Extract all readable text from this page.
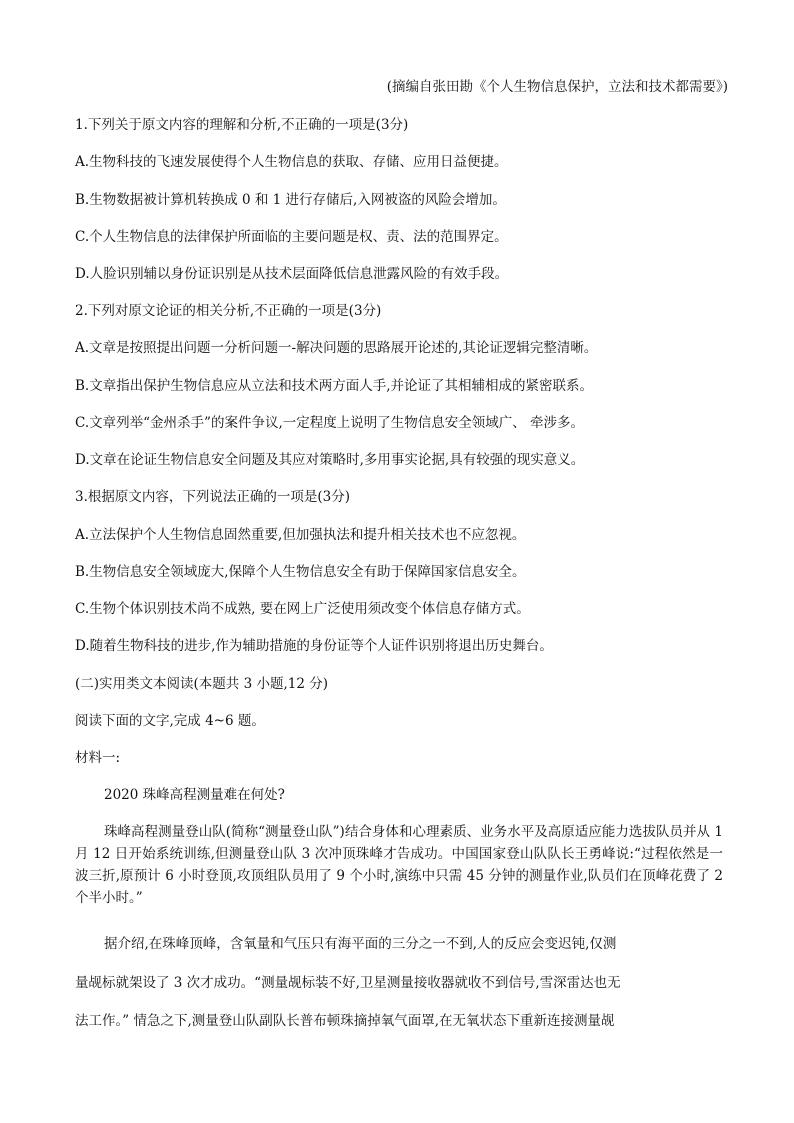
(摘编自张田勘《个人生物信息保护，立法和技术都需要》)
1.下列关于原文内容的理解和分析,不正确的一项是(3分)
A.生物科技的飞速发展使得个人生物信息的获取、存储、应用日益便捷。
B.生物数据被计算机转换成 0 和 1 进行存储后,入网被盗的风险会增加。
C.个人生物信息的法律保护所面临的主要问题是权、责、法的范围界定。
D.人脸识别辅以身份证识别是从技术层面降低信息泄露风险的有效手段。
2.下列对原文论证的相关分析,不正确的一项是(3分)
A.文章是按照提出问题一分析问题一-解决问题的思路展开论述的,其论证逻辑完整清晰。
B.文章指出保护生物信息应从立法和技术两方面人手,并论证了其相辅相成的紧密联系。
C.文章列举“金州杀手”的案件争议,一定程度上说明了生物信息安全领域广、 牵涉多。
D.文章在论证生物信息安全问题及其应对策略时,多用事实论据,具有较强的现实意义。
3.根据原文内容，下列说法正确的一项是(3分)
A.立法保护个人生物信息固然重要,但加强执法和提升相关技术也不应忽视。
B.生物信息安全领域庞大,保障个人生物信息安全有助于保障国家信息安全。
C.生物个体识别技术尚不成熟, 要在网上广泛使用须改变个体信息存储方式。
D.随着生物科技的进步,作为辅助措施的身份证等个人证件识别将退出历史舞台。
(二)实用类文本阅读(本题共 3 小题,12 分)
阅读下面的文字,完成 4~6 题。
材料一:
2020 珠峰高程测量难在何处?
珠峰高程测量登山队(简称“测量登山队”)结合身体和心理素质、业务水平及高原适应能力选拔队员并从 1 月 12 日开始系统训练,但测量登山队 3 次冲顶珠峰才告成功。中国国家登山队队长王勇峰说:“过程依然是一波三折,原预计 6 小时登顶,攻顶组队员用了 9 个小时,演练中只需 45 分钟的测量作业,队员们在顶峰花费了 2 个半小时。”
据介绍,在珠峰顶峰，含氧量和气压只有海平面的三分之一不到,人的反应会变迟钝,仅测
量觇标就架设了 3 次才成功。“测量觇标装不好,卫星测量接收器就收不到信号,雪深雷达也无
法工作。” 情急之下,测量登山队副队长普布顿珠摘掉氧气面罩,在无氧状态下重新连接测量觇
